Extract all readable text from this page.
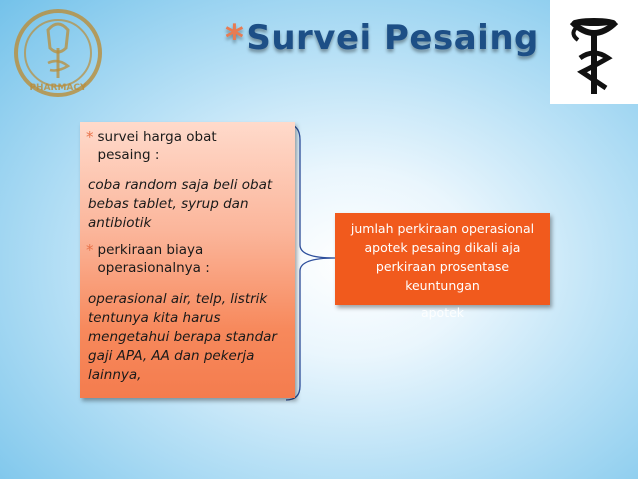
PHARMACY
* Survei Pesaing
* survei harga obat pesaing :
coba random saja beli obat bebas tablet, syrup dan antibiotik
* perkiraan biaya operasionalnya :
operasional air, telp, listrik tentunya kita harus mengetahui berapa standar gaji APA, AA dan pekerja lainnya,
jumlah perkiraan operasional apotek pesaing dikali aja perkiraan prosentase keuntungan
apotek
